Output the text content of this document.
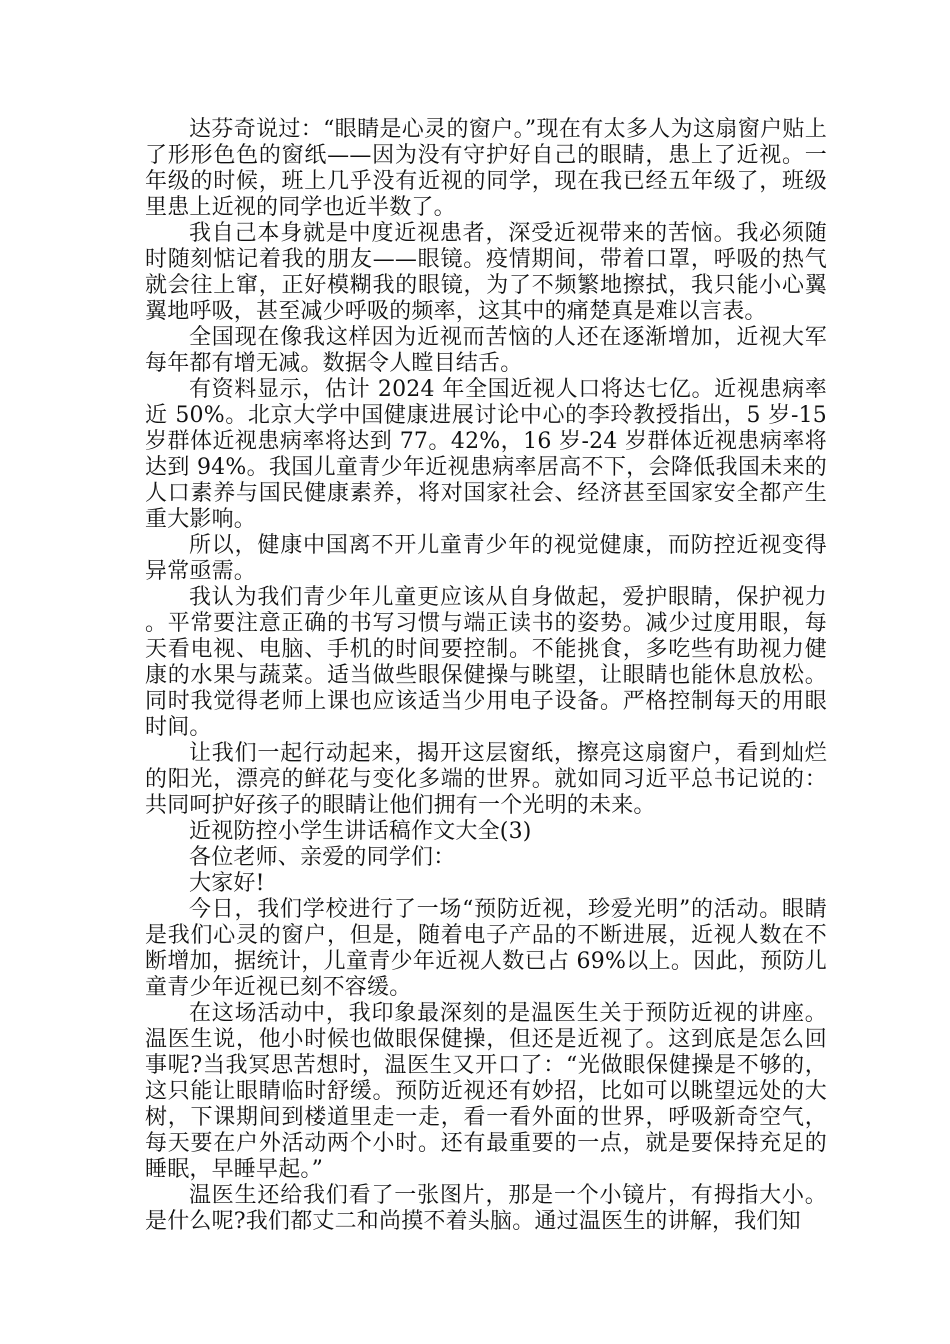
达芬奇说过：“眼睛是心灵的窗户。”现在有太多人为这扇窗户贴上了形形色色的窗纸——因为没有守护好自己的眼睛，患上了近视。一年级的时候，班上几乎没有近视的同学，现在我已经五年级了，班级里患上近视的同学也近半数了。

我自己本身就是中度近视患者，深受近视带来的苦恼。我必须随时随刻惦记着我的朋友——眼镜。疫情期间，带着口罩，呼吸的热气就会往上窜，正好模糊我的眼镜，为了不频繁地擦拭，我只能小心翼翼地呼吸，甚至减少呼吸的频率，这其中的痛楚真是难以言表。

全国现在像我这样因为近视而苦恼的人还在逐渐增加，近视大军每年都有增无减。数据令人瞠目结舌。

有资料显示，估计 2024 年全国近视人口将达七亿。近视患病率近 50%。北京大学中国健康进展讨论中心的李玲教授指出，5 岁-15 岁群体近视患病率将达到 77。42%，16 岁-24 岁群体近视患病率将达到 94%。我国儿童青少年近视患病率居高不下，会降低我国未来的人口素养与国民健康素养，将对国家社会、经济甚至国家安全都产生重大影响。

所以，健康中国离不开儿童青少年的视觉健康，而防控近视变得异常亟需。

我认为我们青少年儿童更应该从自身做起，爱护眼睛，保护视力。平常要注意正确的书写习惯与端正读书的姿势。减少过度用眼，每天看电视、电脑、手机的时间要控制。不能挑食，多吃些有助视力健康的水果与蔬菜。适当做些眼保健操与眺望，让眼睛也能休息放松。同时我觉得老师上课也应该适当少用电子设备。严格控制每天的用眼时间。

让我们一起行动起来，揭开这层窗纸，擦亮这扇窗户，看到灿烂的阳光，漂亮的鲜花与变化多端的世界。就如同习近平总书记说的：共同呵护好孩子的眼睛让他们拥有一个光明的未来。

近视防控小学生讲话稿作文大全(3)

各位老师、亲爱的同学们：

大家好!

今日，我们学校进行了一场“预防近视，珍爱光明”的活动。眼睛是我们心灵的窗户，但是，随着电子产品的不断进展，近视人数在不断增加，据统计，儿童青少年近视人数已占 69%以上。因此，预防儿童青少年近视已刻不容缓。

在这场活动中，我印象最深刻的是温医生关于预防近视的讲座。温医生说，他小时候也做眼保健操，但还是近视了。这到底是怎么回事呢?当我冥思苦想时，温医生又开口了：“光做眼保健操是不够的，这只能让眼睛临时舒缓。预防近视还有妙招，比如可以眺望远处的大树，下课期间到楼道里走一走，看一看外面的世界，呼吸新奇空气，每天要在户外活动两个小时。还有最重要的一点，就是要保持充足的睡眠，早睡早起。”

温医生还给我们看了一张图片，那是一个小镜片，有拇指大小。是什么呢?我们都丈二和尚摸不着头脑。通过温医生的讲解，我们知
